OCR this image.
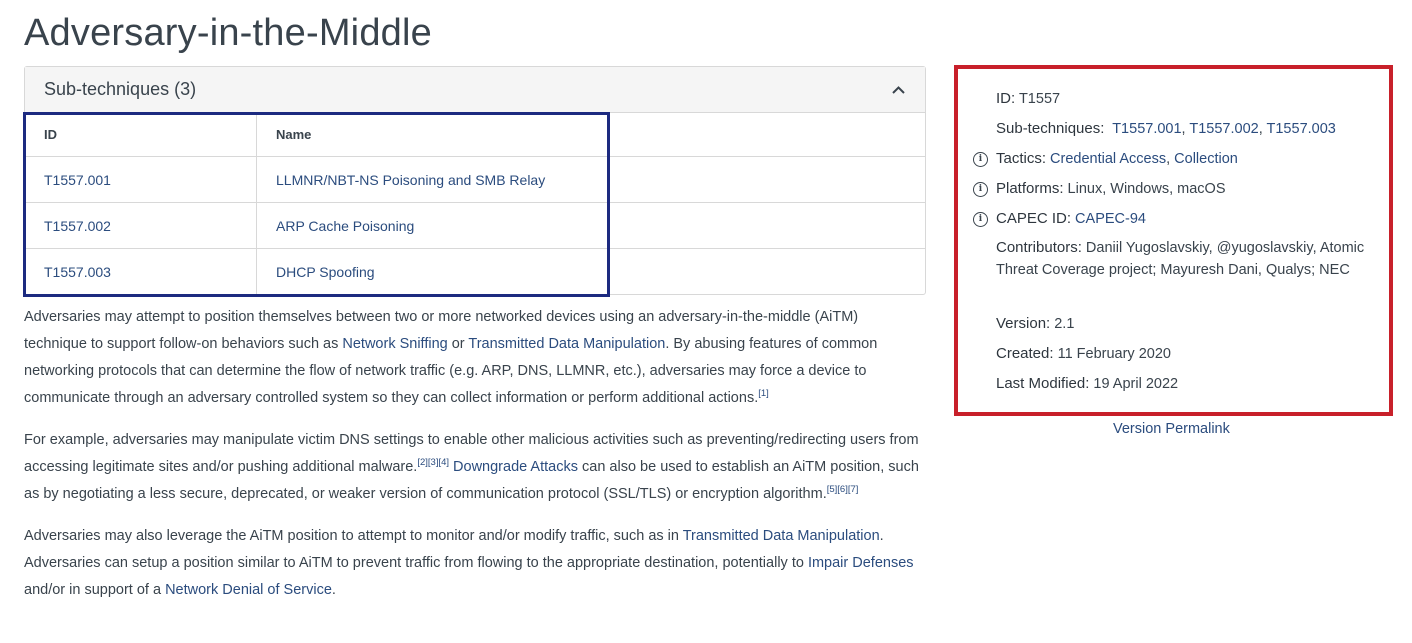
Adversary-in-the-Middle
Sub-techniques (3)
ID	Name
T1557.001	LLMNR/NBT-NS Poisoning and SMB Relay
T1557.002	ARP Cache Poisoning
T1557.003	DHCP Spoofing

Adversaries may attempt to position themselves between two or more networked devices using an adversary-in-the-middle (AiTM) technique to support follow-on behaviors such as Network Sniffing or Transmitted Data Manipulation. By abusing features of common networking protocols that can determine the flow of network traffic (e.g. ARP, DNS, LLMNR, etc.), adversaries may force a device to communicate through an adversary controlled system so they can collect information or perform additional actions.[1]

For example, adversaries may manipulate victim DNS settings to enable other malicious activities such as preventing/redirecting users from accessing legitimate sites and/or pushing additional malware.[2][3][4] Downgrade Attacks can also be used to establish an AiTM position, such as by negotiating a less secure, deprecated, or weaker version of communication protocol (SSL/TLS) or encryption algorithm.[5][6][7]

Adversaries may also leverage the AiTM position to attempt to monitor and/or modify traffic, such as in Transmitted Data Manipulation. Adversaries can setup a position similar to AiTM to prevent traffic from flowing to the appropriate destination, potentially to Impair Defenses and/or in support of a Network Denial of Service.

ID: T1557
Sub-techniques: T1557.001, T1557.002, T1557.003
i Tactics: Credential Access, Collection
i Platforms: Linux, Windows, macOS
i CAPEC ID: CAPEC-94
Contributors: Daniil Yugoslavskiy, @yugoslavskiy, Atomic Threat Coverage project; Mayuresh Dani, Qualys; NEC
Version: 2.1
Created: 11 February 2020
Last Modified: 19 April 2022
Version Permalink
